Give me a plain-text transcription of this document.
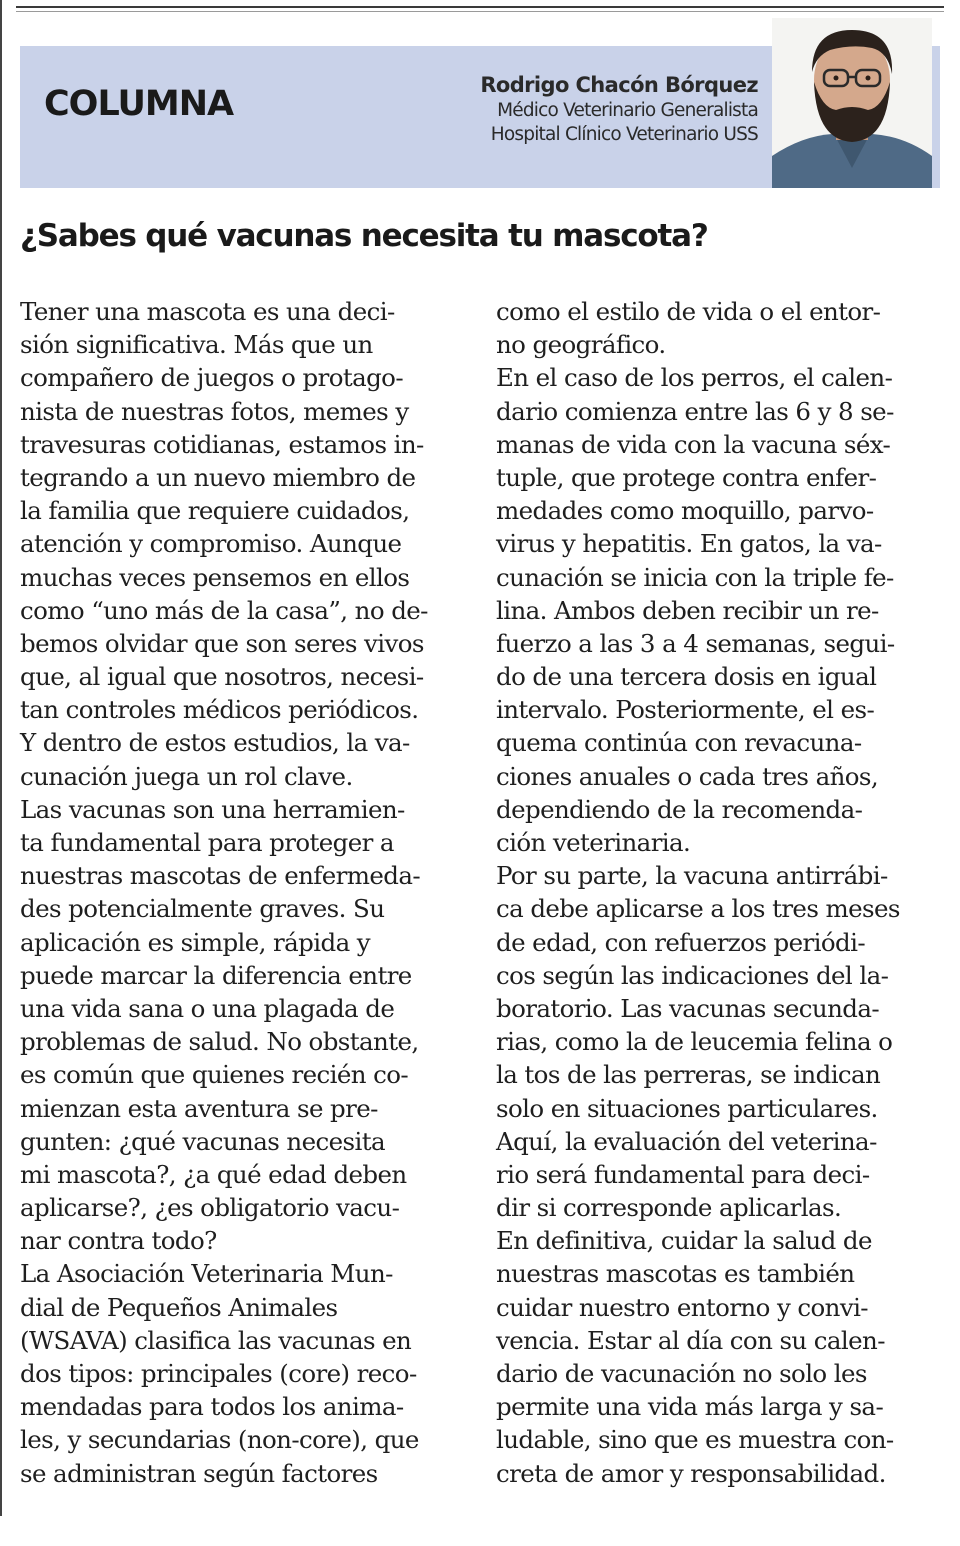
COLUMNA	Rodrigo Chacón Bórquez
Médico Veterinario Generalista
Hospital Clínico Veterinario USS
¿Sabes qué vacunas necesita tu mascota?
Tener una mascota es una deci-
sión significativa. Más que un
compañero de juegos o protago-
nista de nuestras fotos, memes y
travesuras cotidianas, estamos in-
tegrando a un nuevo miembro de
la familia que requiere cuidados,
atención y compromiso. Aunque
muchas veces pensemos en ellos
como “uno más de la casa”, no de-
bemos olvidar que son seres vivos
que, al igual que nosotros, necesi-
tan controles médicos periódicos.
Y dentro de estos estudios, la va-
cunación juega un rol clave.
Las vacunas son una herramien-
ta fundamental para proteger a
nuestras mascotas de enfermeda-
des potencialmente graves. Su
aplicación es simple, rápida y
puede marcar la diferencia entre
una vida sana o una plagada de
problemas de salud. No obstante,
es común que quienes recién co-
mienzan esta aventura se pre-
gunten: ¿qué vacunas necesita
mi mascota?, ¿a qué edad deben
aplicarse?, ¿es obligatorio vacu-
nar contra todo?
La Asociación Veterinaria Mun-
dial de Pequeños Animales
(WSAVA) clasifica las vacunas en
dos tipos: principales (core) reco-
mendadas para todos los anima-
les, y secundarias (non-core), que
se administran según factores
como el estilo de vida o el entor-
no geográfico.
En el caso de los perros, el calen-
dario comienza entre las 6 y 8 se-
manas de vida con la vacuna séx-
tuple, que protege contra enfer-
medades como moquillo, parvo-
virus y hepatitis. En gatos, la va-
cunación se inicia con la triple fe-
lina. Ambos deben recibir un re-
fuerzo a las 3 a 4 semanas, segui-
do de una tercera dosis en igual
intervalo. Posteriormente, el es-
quema continúa con revacuna-
ciones anuales o cada tres años,
dependiendo de la recomenda-
ción veterinaria.
Por su parte, la vacuna antirrábi-
ca debe aplicarse a los tres meses
de edad, con refuerzos periódi-
cos según las indicaciones del la-
boratorio. Las vacunas secunda-
rias, como la de leucemia felina o
la tos de las perreras, se indican
solo en situaciones particulares.
Aquí, la evaluación del veterina-
rio será fundamental para deci-
dir si corresponde aplicarlas.
En definitiva, cuidar la salud de
nuestras mascotas es también
cuidar nuestro entorno y convi-
vencia. Estar al día con su calen-
dario de vacunación no solo les
permite una vida más larga y sa-
ludable, sino que es muestra con-
creta de amor y responsabilidad.
